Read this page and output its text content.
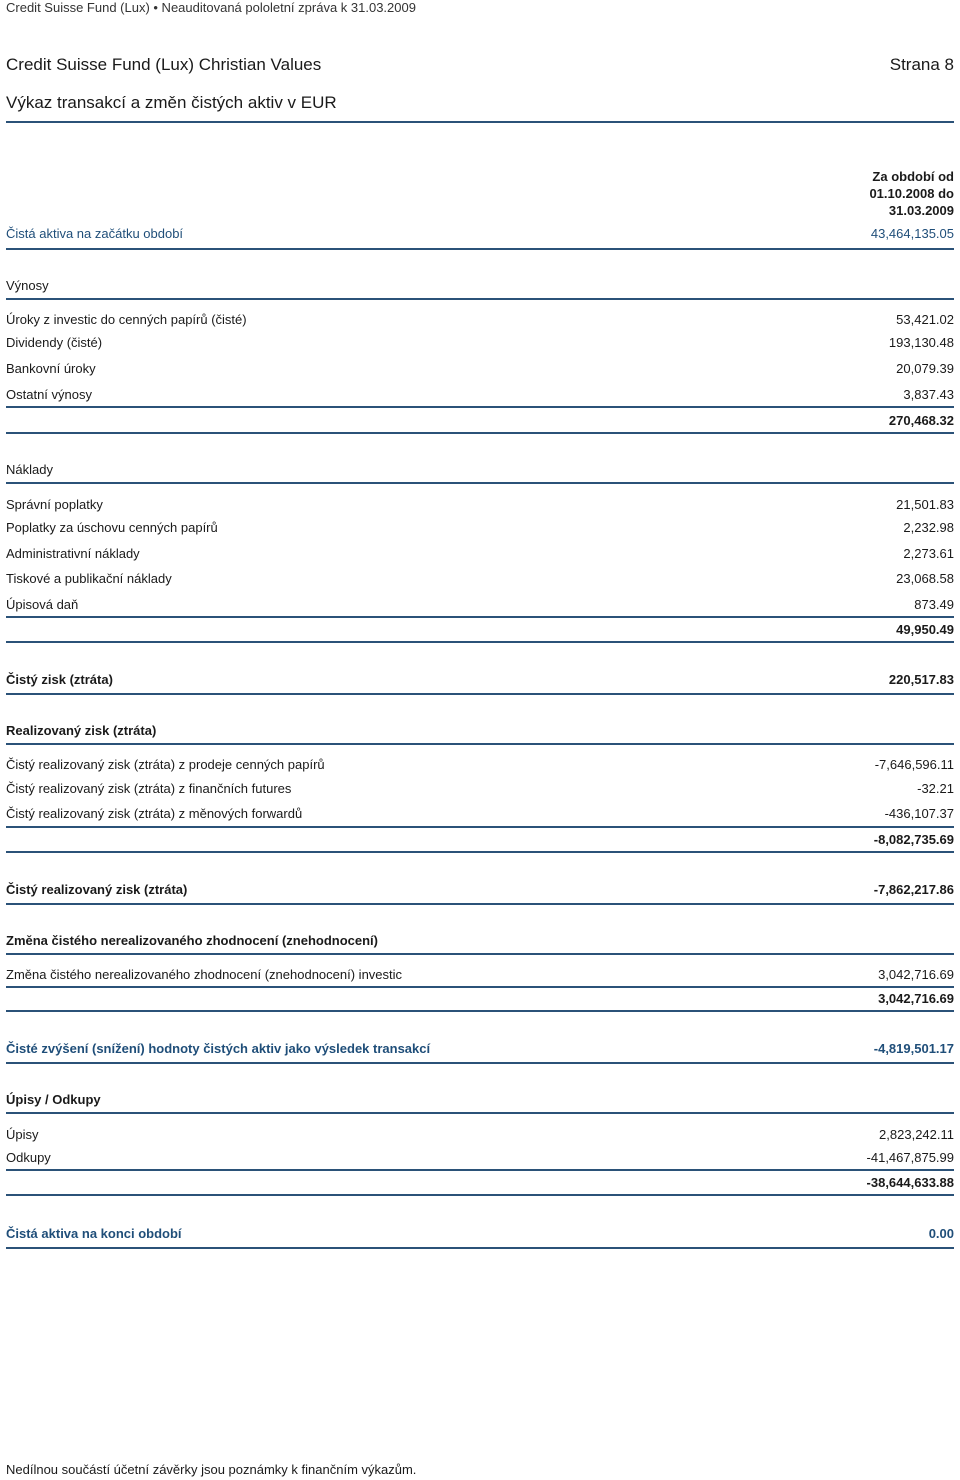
Credit Suisse Fund (Lux) • Neauditovaná pololetní zpráva k 31.03.2009
Credit Suisse Fund (Lux) Christian Values	Strana 8
Výkaz transakcí a změn čistých aktiv v EUR
Za období od
01.10.2008 do
31.03.2009
Čistá aktiva na začátku období	43,464,135.05
Výnosy
Úroky z investic do cenných papírů (čisté)	53,421.02
Dividendy (čisté)	193,130.48
Bankovní úroky	20,079.39
Ostatní výnosy	3,837.43
270,468.32
Náklady
Správní poplatky	21,501.83
Poplatky za úschovu cenných papírů	2,232.98
Administrativní náklady	2,273.61
Tiskové a publikační náklady	23,068.58
Úpisová daň	873.49
49,950.49
Čistý zisk (ztráta)	220,517.83
Realizovaný zisk (ztráta)
Čistý realizovaný zisk (ztráta) z prodeje cenných papírů	-7,646,596.11
Čistý realizovaný zisk (ztráta) z finančních futures	-32.21
Čistý realizovaný zisk (ztráta) z měnových forwardů	-436,107.37
-8,082,735.69
Čistý realizovaný zisk (ztráta)	-7,862,217.86
Změna čistého nerealizovaného zhodnocení (znehodnocení)
Změna čistého nerealizovaného zhodnocení (znehodnocení) investic	3,042,716.69
3,042,716.69
Čisté zvýšení (snížení) hodnoty čistých aktiv jako výsledek transakcí	-4,819,501.17
Úpisy / Odkupy
Úpisy	2,823,242.11
Odkupy	-41,467,875.99
-38,644,633.88
Čistá aktiva na konci období	0.00
Nedílnou součástí účetní závěrky jsou poznámky k finančním výkazům.
